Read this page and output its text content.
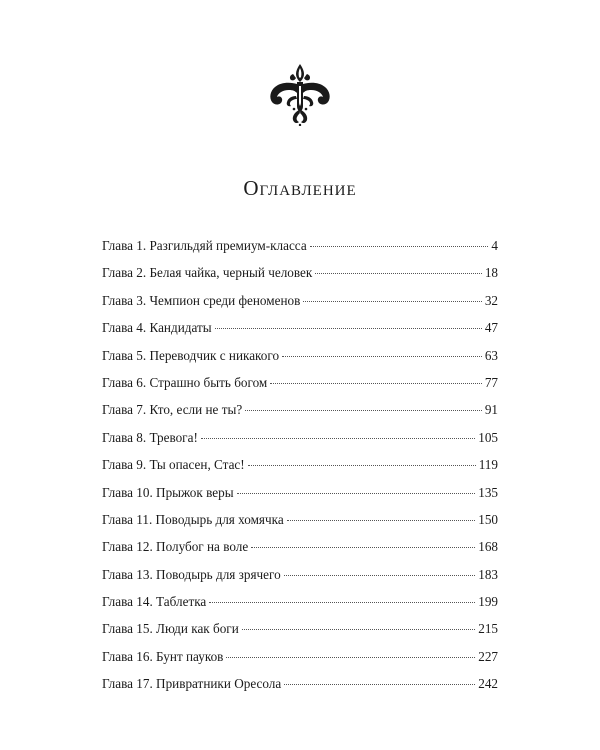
Оглавление
Глава 1. Разгильдяй премиум-класса	4
Глава 2. Белая чайка, черный человек	18
Глава 3. Чемпион среди феноменов	32
Глава 4. Кандидаты	47
Глава 5. Переводчик с никакого	63
Глава 6. Страшно быть богом	77
Глава 7. Кто, если не ты?	91
Глава 8. Тревога!	105
Глава 9. Ты опасен, Стас!	119
Глава 10. Прыжок веры	135
Глава 11. Поводырь для хомячка	150
Глава 12. Полубог на воле	168
Глава 13. Поводырь для зрячего	183
Глава 14. Таблетка	199
Глава 15. Люди как боги	215
Глава 16. Бунт пауков	227
Глава 17. Привратники Оресола	242
